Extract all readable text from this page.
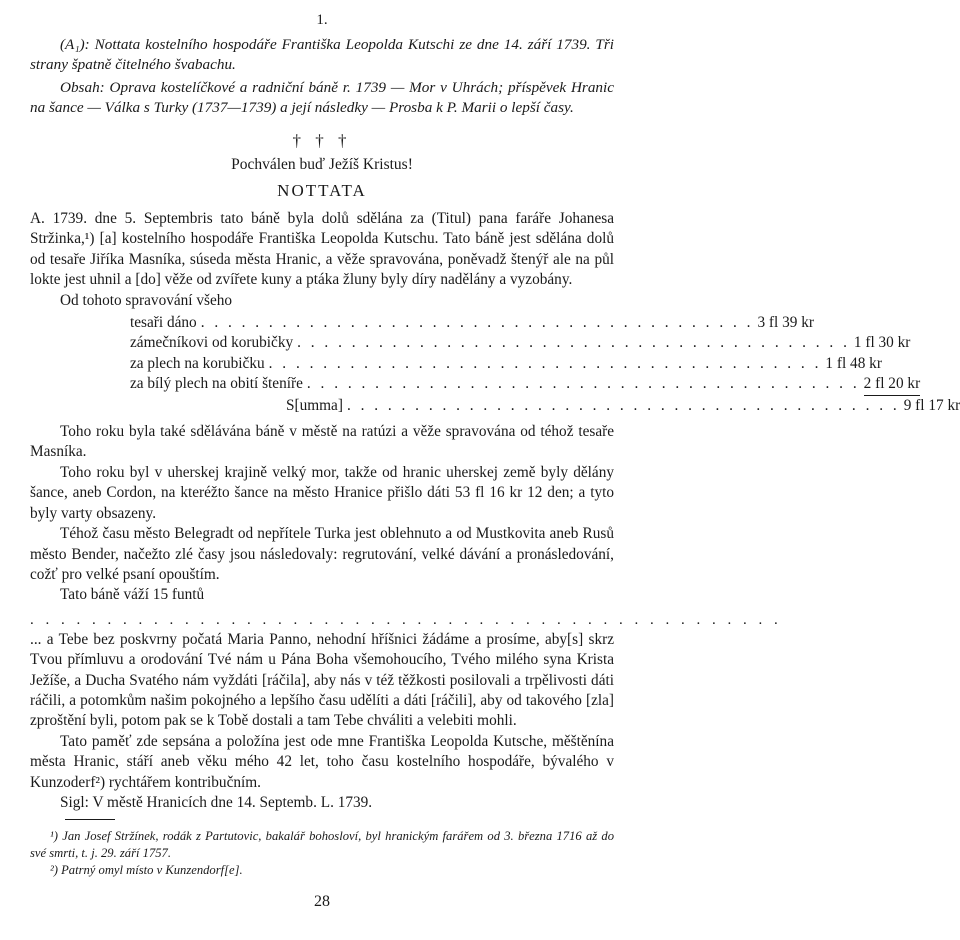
1.

(A₁): Nottata kostelního hospodáře Františka Leopolda Kutschi ze dne 14. září 1739. Tři strany špatně čitelného švabachu.

Obsah: Oprava kostelíčkové a radniční báně r. 1739 — Mor v Uhrách; příspěvek Hranic na šance — Válka s Turky (1737—1739) a její následky — Prosba k P. Marii o lepší časy.

† † †
Pochválen buď Ježíš Kristus!
NOTTATA

A. 1739. dne 5. Septembris tato báně byla dolů sdělána za (Titul) pana faráře Johanesa Stržinka,¹) [a] kostelního hospodáře Františka Leopolda Kutschu. Tato báně jest sdělána dolů od tesaře Jiříka Masníka, súseda města Hranic, a věže spravována, poněvadž štenýř ale na půl lokte jest uhnil a [do] věže od zvířete kuny a ptáka žluny byly díry nadělány a vyzobány.

Od tohoto spravování všeho

tesaři dáno . . .	3 fl 39 kr
zámečníkovi od korubičky . . .	1 fl 30 kr
za plech na korubičku . . .	1 fl 48 kr
za bílý plech na obití šteníře . . .	2 fl 20 kr
S[umma] . . .	9 fl 17 kr

Toho roku byla také sdělávána báně v městě na ratúzi a věže spravována od téhož tesaře Masníka.

Toho roku byl v uherskej krajině velký mor, takže od hranic uherskej země byly dělány šance, aneb Cordon, na kteréžto šance na město Hranice přišlo dáti 53 fl 16 kr 12 den; a tyto byly varty obsazeny.

Téhož času město Belegradt od nepřítele Turka jest oblehnuto a od Mustkovita aneb Rusů město Bender, načežto zlé časy jsou následovaly: regrutování, velké dávání a pronásledování, cožť pro velké psaní opouštím.

Tato báně váží 15 funtů

. . . . . . . . . . . . . . . . . . . . . . . . . . . . . . . . . . . . . . . . . . . . . . . . .

... a Tebe bez poskvrny počatá Maria Panno, nehodní hříšnici žádáme a prosíme, aby[s] skrz Tvou přímluvu a orodování Tvé nám u Pána Boha všemohoucího, Tvého milého syna Krista Ježíše, a Ducha Svatého nám vyždáti [ráčila], aby nás v též těžkosti posilovali a trpělivosti dáti ráčili, a potomkům našim pokojného a lepšího času udělíti a dáti [ráčili], aby od takového [zla] zproštění byli, potom pak se k Tobě dostali a tam Tebe chváliti a velebiti mohli.

Tato paměť zde sepsána a položína jest ode mne Františka Leopolda Kutsche, měštěnína města Hranic, stáří aneb věku mého 42 let, toho času kostelního hospodáře, bývalého v Kunzoderf²) rychtářem kontribučním.

Sigl: V městě Hranicích dne 14. Septemb. L. 1739.

¹) Jan Josef Stržínek, rodák z Partutovic, bakalář bohosloví, byl hranickým farářem od 3. března 1716 až do své smrti, t. j. 29. září 1757.

²) Patrný omyl místo v Kunzendorf[e].

28
